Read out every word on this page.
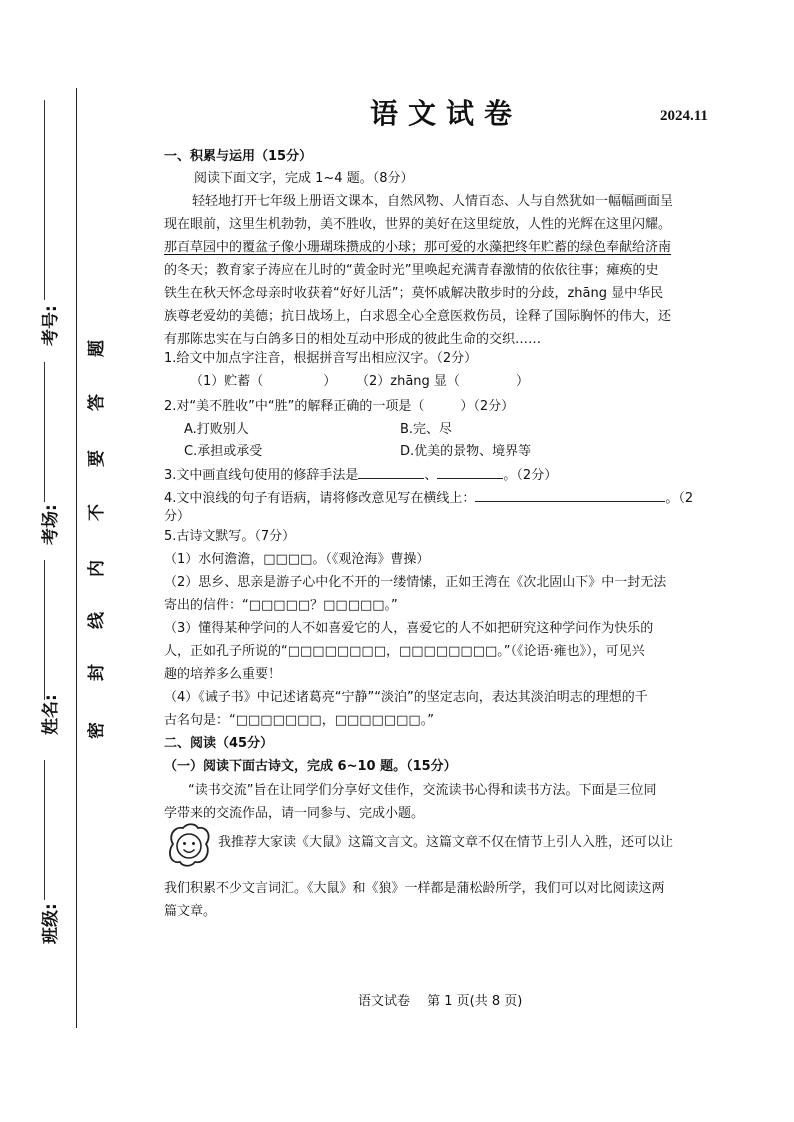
考号:
考场:
姓名:
班级:
密
封
线
内
不
要
答
题
语文试卷	2024.11
一、积累与运用（15分）
阅读下面文字，完成 1~4 题。（8分）
轻轻地打开七年级上册语文课本，自然风物、人情百态、人与自然犹如一幅幅画面呈
现在眼前，这里生机勃勃，美不胜收，世界的美好在这里绽放，人性的光辉在这里闪耀。
那百草园中的覆盆子像小珊瑚珠攒成的小球；那可爱的水藻把终年贮蓄的绿色奉献给济南
的冬天；教育家子涛应在儿时的“黄金时光”里唤起充满青春激情的依依往事；瘫痪的史
铁生在秋天怀念母亲时收获着“好好儿活”；莫怀戚解决散步时的分歧，zhāng 显中华民
族尊老爱幼的美德；抗日战场上，白求恩全心全意医救伤员，诠释了国际胸怀的伟大，还
有那陈忠实在与白鸽多日的相处互动中形成的彼此生命的交织……
1.给文中加点字注音，根据拼音写出相应汉字。（2分）
（1）贮蓄（	） （2）zhāng 显（	）
2.对“美不胜收”中“胜”的解释正确的一项是（	）（2分）
A.打败别人	B.完、尽
C.承担或承受	D.优美的景物、境界等
3.文中画直线句使用的修辞手法是	、	。（2分）
4.文中浪线的句子有语病，请将修改意见写在横线上：	。（2
分）
5.古诗文默写。（7分）
（1）水何澹澹，□□□□。（《观沧海》曹操）
（2）思乡、思亲是游子心中化不开的一缕情愫，正如王湾在《次北固山下》中一封无法
寄出的信件：“□□□□□？□□□□□。”
（3）懂得某种学问的人不如喜爱它的人，喜爱它的人不如把研究这种学问作为快乐的
人，正如孔子所说的“□□□□□□□□，□□□□□□□□。”（《论语·雍也》），可见兴
趣的培养多么重要！
（4）《诫子书》中记述诸葛亮“宁静”“淡泊”的坚定志向，表达其淡泊明志的理想的千
古名句是：“□□□□□□□，□□□□□□□。”
二、阅读（45分）
（一）阅读下面古诗文，完成 6~10 题。（15分）
“读书交流”旨在让同学们分享好文佳作，交流读书心得和读书方法。下面是三位同
学带来的交流作品，请一同参与、完成小题。
我推荐大家读《大鼠》这篇文言文。这篇文章不仅在情节上引人入胜，还可以让
我们积累不少文言词汇。《大鼠》和《狼》一样都是蒲松龄所学，我们可以对比阅读这两
篇文章。
语文试卷　 第 1 页(共 8 页)
